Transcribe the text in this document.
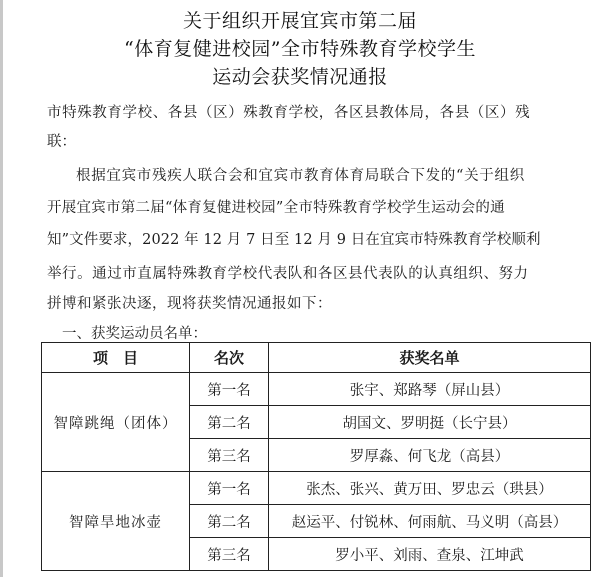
关于组织开展宜宾市第二届
“体育复健进校园”全市特殊教育学校学生
运动会获奖情况通报
市特殊教育学校、各县（区）殊教育学校，各区县教体局，各县（区）残
联：
根据宜宾市残疾人联合会和宜宾市教育体育局联合下发的“关于组织
开展宜宾市第二届“体育复健进校园”全市特殊教育学校学生运动会的通
知”文件要求，2022 年 12 月 7 日至 12 月 9 日在宜宾市特殊教育学校顺利
举行。通过市直属特殊教育学校代表队和各区县代表队的认真组织、努力
拼博和紧张决逐，现将获奖情况通报如下：
一、获奖运动员名单：
项　目	名次	获奖名单
智障跳绳（团体）	第一名	张宇、郑路琴（屏山县）
	第二名	胡国文、罗明挺（长宁县）
	第三名	罗厚淼、何飞龙（高县）
智障旱地冰壶	第一名	张杰、张兴、黄万田、罗忠云（珙县）
	第二名	赵运平、付锐林、何雨航、马义明（高县）
	第三名	罗小平、刘雨、查泉、江坤武
